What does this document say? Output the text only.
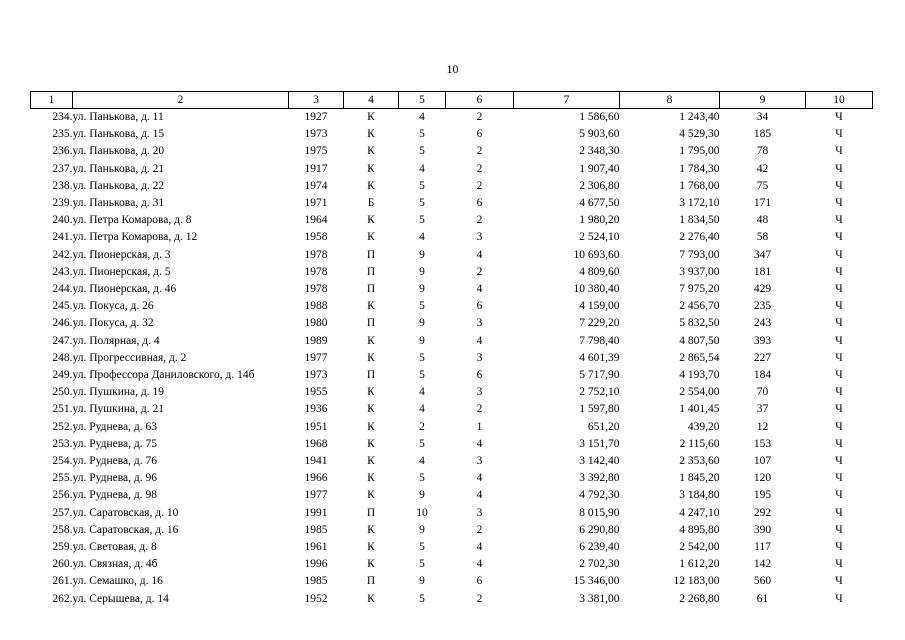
10
1	2	3	4	5	6	7	8	9	10
234.	ул. Паньковa, д. 11	1927	К	4	2	1 586,60	1 243,40	34	Ч
235.	ул. Паньковa, д. 15	1973	К	5	6	5 903,60	4 529,30	185	Ч
236.	ул. Паньковa, д. 20	1975	К	5	2	2 348,30	1 795,00	78	Ч
237.	ул. Паньковa, д. 21	1917	К	4	2	1 907,40	1 784,30	42	Ч
238.	ул. Паньковa, д. 22	1974	К	5	2	2 306,80	1 768,00	75	Ч
239.	ул. Паньковa, д. 31	1971	Б	5	6	4 677,50	3 172,10	171	Ч
240.	ул. Петра Комарова, д. 8	1964	К	5	2	1 980,20	1 834,50	48	Ч
241.	ул. Петра Комарова, д. 12	1958	К	4	3	2 524,10	2 276,40	58	Ч
242.	ул. Пионерская, д. 3	1978	П	9	4	10 693,60	7 793,00	347	Ч
243.	ул. Пионерская, д. 5	1978	П	9	2	4 809,60	3 937,00	181	Ч
244.	ул. Пионерская, д. 46	1978	П	9	4	10 380,40	7 975,20	429	Ч
245.	ул. Покуса, д. 26	1988	К	5	6	4 159,00	2 456,70	235	Ч
246.	ул. Покуса, д. 32	1980	П	9	3	7 229,20	5 832,50	243	Ч
247.	ул. Полярная, д. 4	1989	К	9	4	7 798,40	4 807,50	393	Ч
248.	ул. Прогрессивная, д. 2	1977	К	5	3	4 601,39	2 865,54	227	Ч
249.	ул. Профессора Даниловского, д. 14б	1973	П	5	6	5 717,90	4 193,70	184	Ч
250.	ул. Пушкина, д. 19	1955	К	4	3	2 752,10	2 554,00	70	Ч
251.	ул. Пушкина, д. 21	1936	К	4	2	1 597,80	1 401,45	37	Ч
252.	ул. Руднева, д. 63	1951	К	2	1	651,20	439,20	12	Ч
253.	ул. Руднева, д. 75	1968	К	5	4	3 151,70	2 115,60	153	Ч
254.	ул. Руднева, д. 76	1941	К	4	3	3 142,40	2 353,60	107	Ч
255.	ул. Руднева, д. 96	1966	К	5	4	3 392,80	1 845,20	120	Ч
256.	ул. Руднева, д. 98	1977	К	9	4	4 792,30	3 184,80	195	Ч
257.	ул. Саратовская, д. 10	1991	П	10	3	8 015,90	4 247,10	292	Ч
258.	ул. Саратовская, д. 16	1985	К	9	2	6 290,80	4 895,80	390	Ч
259.	ул. Световая, д. 8	1961	К	5	4	6 239,40	2 542,00	117	Ч
260.	ул. Связная, д. 4б	1996	К	5	4	2 702,30	1 612,20	142	Ч
261.	ул. Семашко, д. 16	1985	П	9	6	15 346,00	12 183,00	560	Ч
262.	ул. Серышева, д. 14	1952	К	5	2	3 381,00	2 268,80	61	Ч
